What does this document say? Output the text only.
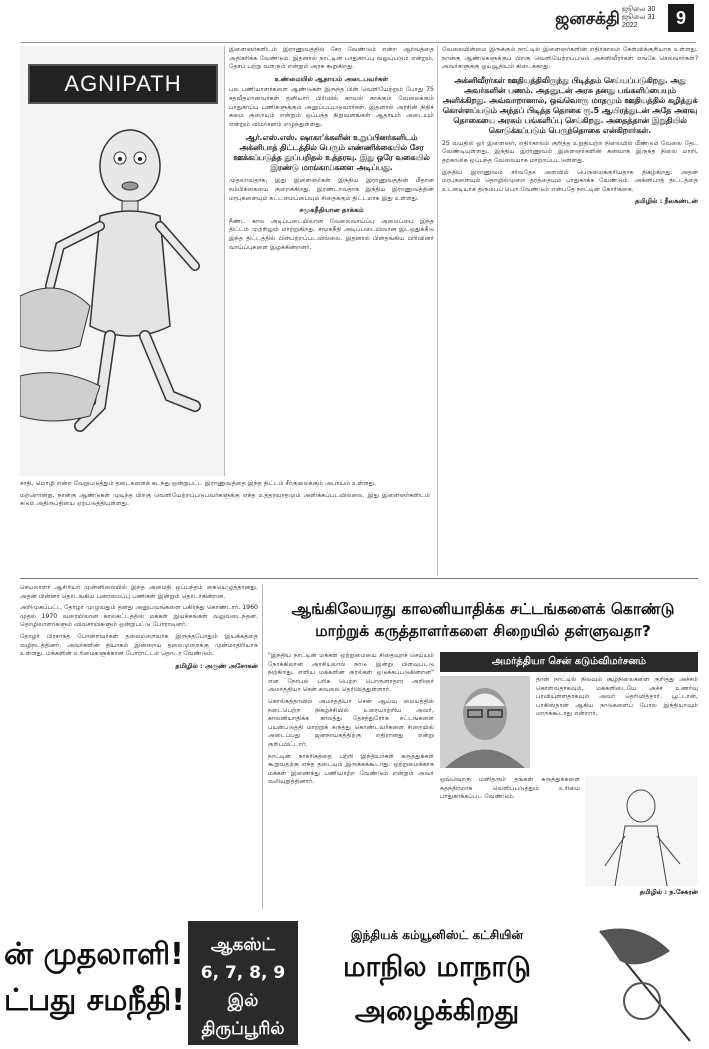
ஜனசக்தி ஜூலை 30
ஜூலை 31
2022	9
AGNIPATH

இளைஞர்களிடம் இராணுவத்தில் சேர வேண்டும் என்ற ஆர்வத்தை அதிகரிக்க வேண்டும். இதனால் நாட்டின் பாதுகாப்பு வலுப்படும் என்றும், தேசப் பற்று வளரும் என்றும் அரசு கூறுகிறது.

உண்மையில் ஆதாயம் அடைபவர்கள்

பல பணியாளர்களை ஆண்டுகள் இருந்த பின் வெளியேற்றும் போது 75 சதவீதமானவர்கள் தனியார் பிரிவில் காவல் காக்கும் வேலைக்கும் பாதுகாப்பு பணிகளுக்கும் அனுப்பப்படுவார்கள். இதனால் அரசின் நிதிச் சுமை குறையும் என்றும் ஒப்பந்த நிறுவனங்கள் ஆதாயம் அடையும் என்றும் விமர்சனம் எழுந்துள்ளது.

ஆர்.எஸ்.எஸ். ஷாகா'க்களின் உறுப்பினர்களிடம் அக்னிபாத் திட்டத்தில் பெரும் எண்ணிக்கையில் சேர ஊக்கப்படுத்த தூப்பறிதல் உத்தரவு. இது ஒரே வகையில் இரண்டு மாங்காய்களை அடிப்பது.

முதலாவதாக, இது இளைஞர்கள் இந்திய இராணுவத்தின் மீதான நம்பிக்கையை குறைக்கிறது. இரண்டாவதாக இந்திய இராணுவத்தின் மரபுகளையும் கட்டமைப்பையும் சிதைக்கும் திட்டமாக இது உள்ளது.

சமூகநீதியான தாக்கம்

நீண்ட கால அடிப்படையிலான வேலைவாய்ப்பு அமைப்பை இந்த திட்டம் முற்றிலும் மாற்றுகிறது. சமூகநீதி அடிப்படையிலான இடஒதுக்கீடு இந்த திட்டத்தில் பின்பற்றப்படவில்லை. இதனால் பின்தங்கிய பிரிவினர் வாய்ப்புகளை இழக்கின்றனர்.

வேலையின்மை இருக்கும் நாட்டில் இளைஞர்களின் எதிர்காலம் கேள்விக்குறியாக உள்ளது. நான்கு ஆண்டுகளுக்குப் பிறகு வெளியேற்றப்படும் அக்னிவீரர்கள் எங்கே செல்வார்கள்? அவர்களுக்கு ஓய்வூதியம் கிடைக்காது.

அக்னிவீரர்கள் ஊதியத்திலிருந்து பிடித்தம் செய்யப்படுகிறது. அது அவர்களின் பணம். அதனுடன் அரசு தனது பங்களிப்பையும் அளிக்கிறது. அவ்வாறானால், ஒவ்வொரு மாதமும் ஊதியத்தில் கழித்துக் கொள்ளப்படும் அந்தப் பிடித்த தொகை ரூ.5 ஆயிரத்துடன் அதே அளவு தொகையை அரசும் பங்களிப்பு செய்கிறது. அதைத்தான் இறுதியில் கொடுக்கப்படும் பெருந்தொகை என்கிறார்கள்.

25 வயதில் ஓர் இளைஞர், எதிர்காலம் குறித்த உறுதியற்ற நிலையில் மீண்டும் வேலை தேட வேண்டியுள்ளது. இந்திய இராணுவம் இளைஞர்களின் கனவாக இருந்த நிலை மாறி, தற்காலிக ஒப்பந்த வேலையாக மாற்றப்பட்டுள்ளது.

இந்திய இராணுவம் சர்வதேச அளவில் பெருமைக்குரியதாக திகழ்கிறது. அதன் மரபுகளையும் தொழில்முறை தரத்தையும் பாதுகாக்க வேண்டும். அக்னிபாத் திட்டத்தை உடனடியாக திரும்பப் பெற வேண்டும் என்பதே நாட்டின் கோரிக்கை.

தமிழில் : நீலகண்டன்

சாதி, மொழி என்ற வேறுபடுத்தும் தடைகளைக் கடந்து ஒன்றுபட்ட இராணுவத்தை இந்த திட்டம் சீர்குலைக்கும் அபாயம் உள்ளது.

மற்றொன்று, நான்கு ஆண்டுகள் முடிந்த பிறகு வெளியேற்றப்படுபவர்களுக்கு எந்த உத்தரவாதமும் அளிக்கப்படவில்லை. இது இளைஞர்களிடம் கடும் அதிருப்தியை ஏற்படுத்தியுள்ளது.

செயலாளர் ஆசிரியர் முன்னிலையில் இந்த அமைதி ஒப்பந்தம் கையெழுத்தானது. அதன் பின்னர் தொடங்கிய புனரமைப்பு பணிகள் இன்றும் தொடர்கின்றன.

அறிமுகப்பட்ட தோழர் முழுவதும் தனது அனுபவங்களை பகிர்ந்து கொண்டார். 1960 முதல் 1970 வரையிலான காலகட்டத்தில் மக்கள் இயக்கங்கள் வலுவடைந்தன. தொழிலாளர்களும் விவசாயிகளும் ஒன்றுபட்டு போராடினர்.

தோழர் பிரசாந்த் போன்றவர்கள் தலைமறைவாக இருந்தபோதும் இயக்கத்தை வழிநடத்தினர். அவர்களின் தியாகம் இன்றைய தலைமுறைக்கு முன்மாதிரியாக உள்ளது. மக்களின் உரிமைகளுக்கான போராட்டம் தொடர வேண்டும்.

தமிழில் : அருண் அசோகன்
ஆங்கிலேயரது காலனியாதிக்க சட்டங்களைக் கொண்டு மாற்றுக் கருத்தாளர்களை சிறையில் தள்ளுவதா?
அமர்த்தியா சென் கடும்விமர்சனம்

"இந்திய நாட்டின் மக்கள் ஒற்றுமையை சிதைவுறச் செய்யும் நோக்கிலான அரசியலால் நாடு இன்று பிளவுபட்டு நிற்கிறது. எளிய மக்களின் குரல்கள் ஒடுக்கப்படுகின்றன" என நோபல் பரிசு பெற்ற பொருளாதார அறிஞர் அமர்த்தியா சென் கவலை தெரிவித்துள்ளார்.

கொல்கத்தாவில் அமர்த்தியா சென் ஆய்வு மையத்தில் நடைபெற்ற நிகழ்ச்சியில் உரையாற்றிய அவர், காலனியாதிக்க காலத்து தேசத்துரோக சட்டங்களை பயன்படுத்தி மாற்றுக் கருத்து கொண்டவர்களை சிறையில் அடைப்பது ஜனநாயகத்திற்கு எதிரானது என்று குறிப்பிட்டார்.

நாட்டின் நாகரிகத்தை பற்றி இந்தியர்கள் கருத்துக்கள் கூறுவதற்கு எந்த தடையும் இருக்கக்கூடாது. ஒற்றுமைக்காக மக்கள் இணைந்து பணியாற்ற வேண்டும் என்றும் அவர் வலியுறுத்தினார்.

தான் நாட்டில் நிலவும் சூழ்நிலைகளை குறித்து அச்சம் கொள்வதாகவும், மக்களிடையே அச்ச உணர்வு பரவியுள்ளதாகவும் அவர் தெரிவித்தார். பூட்டான், பாகிஸ்தான் ஆகிய நாடுகளைப் போல இந்தியாவும் மாறக்கூடாது என்றார்.

ஒவ்வொரு மனிதரும் தங்கள் கருத்துக்களை சுதந்திரமாக வெளிப்படுத்தும் உரிமை பாதுகாக்கப்பட வேண்டும்.

தமிழில் : ந.சேகரன்
ன் முதலாளி!
ட்பது சமநீதி!
ஆகஸ்ட்
6, 7, 8, 9 இல்
திருப்பூரில்
இந்தியக் கம்யூனிஸ்ட் கட்சியின்
மாநில மாநாடு
அழைக்கிறது
